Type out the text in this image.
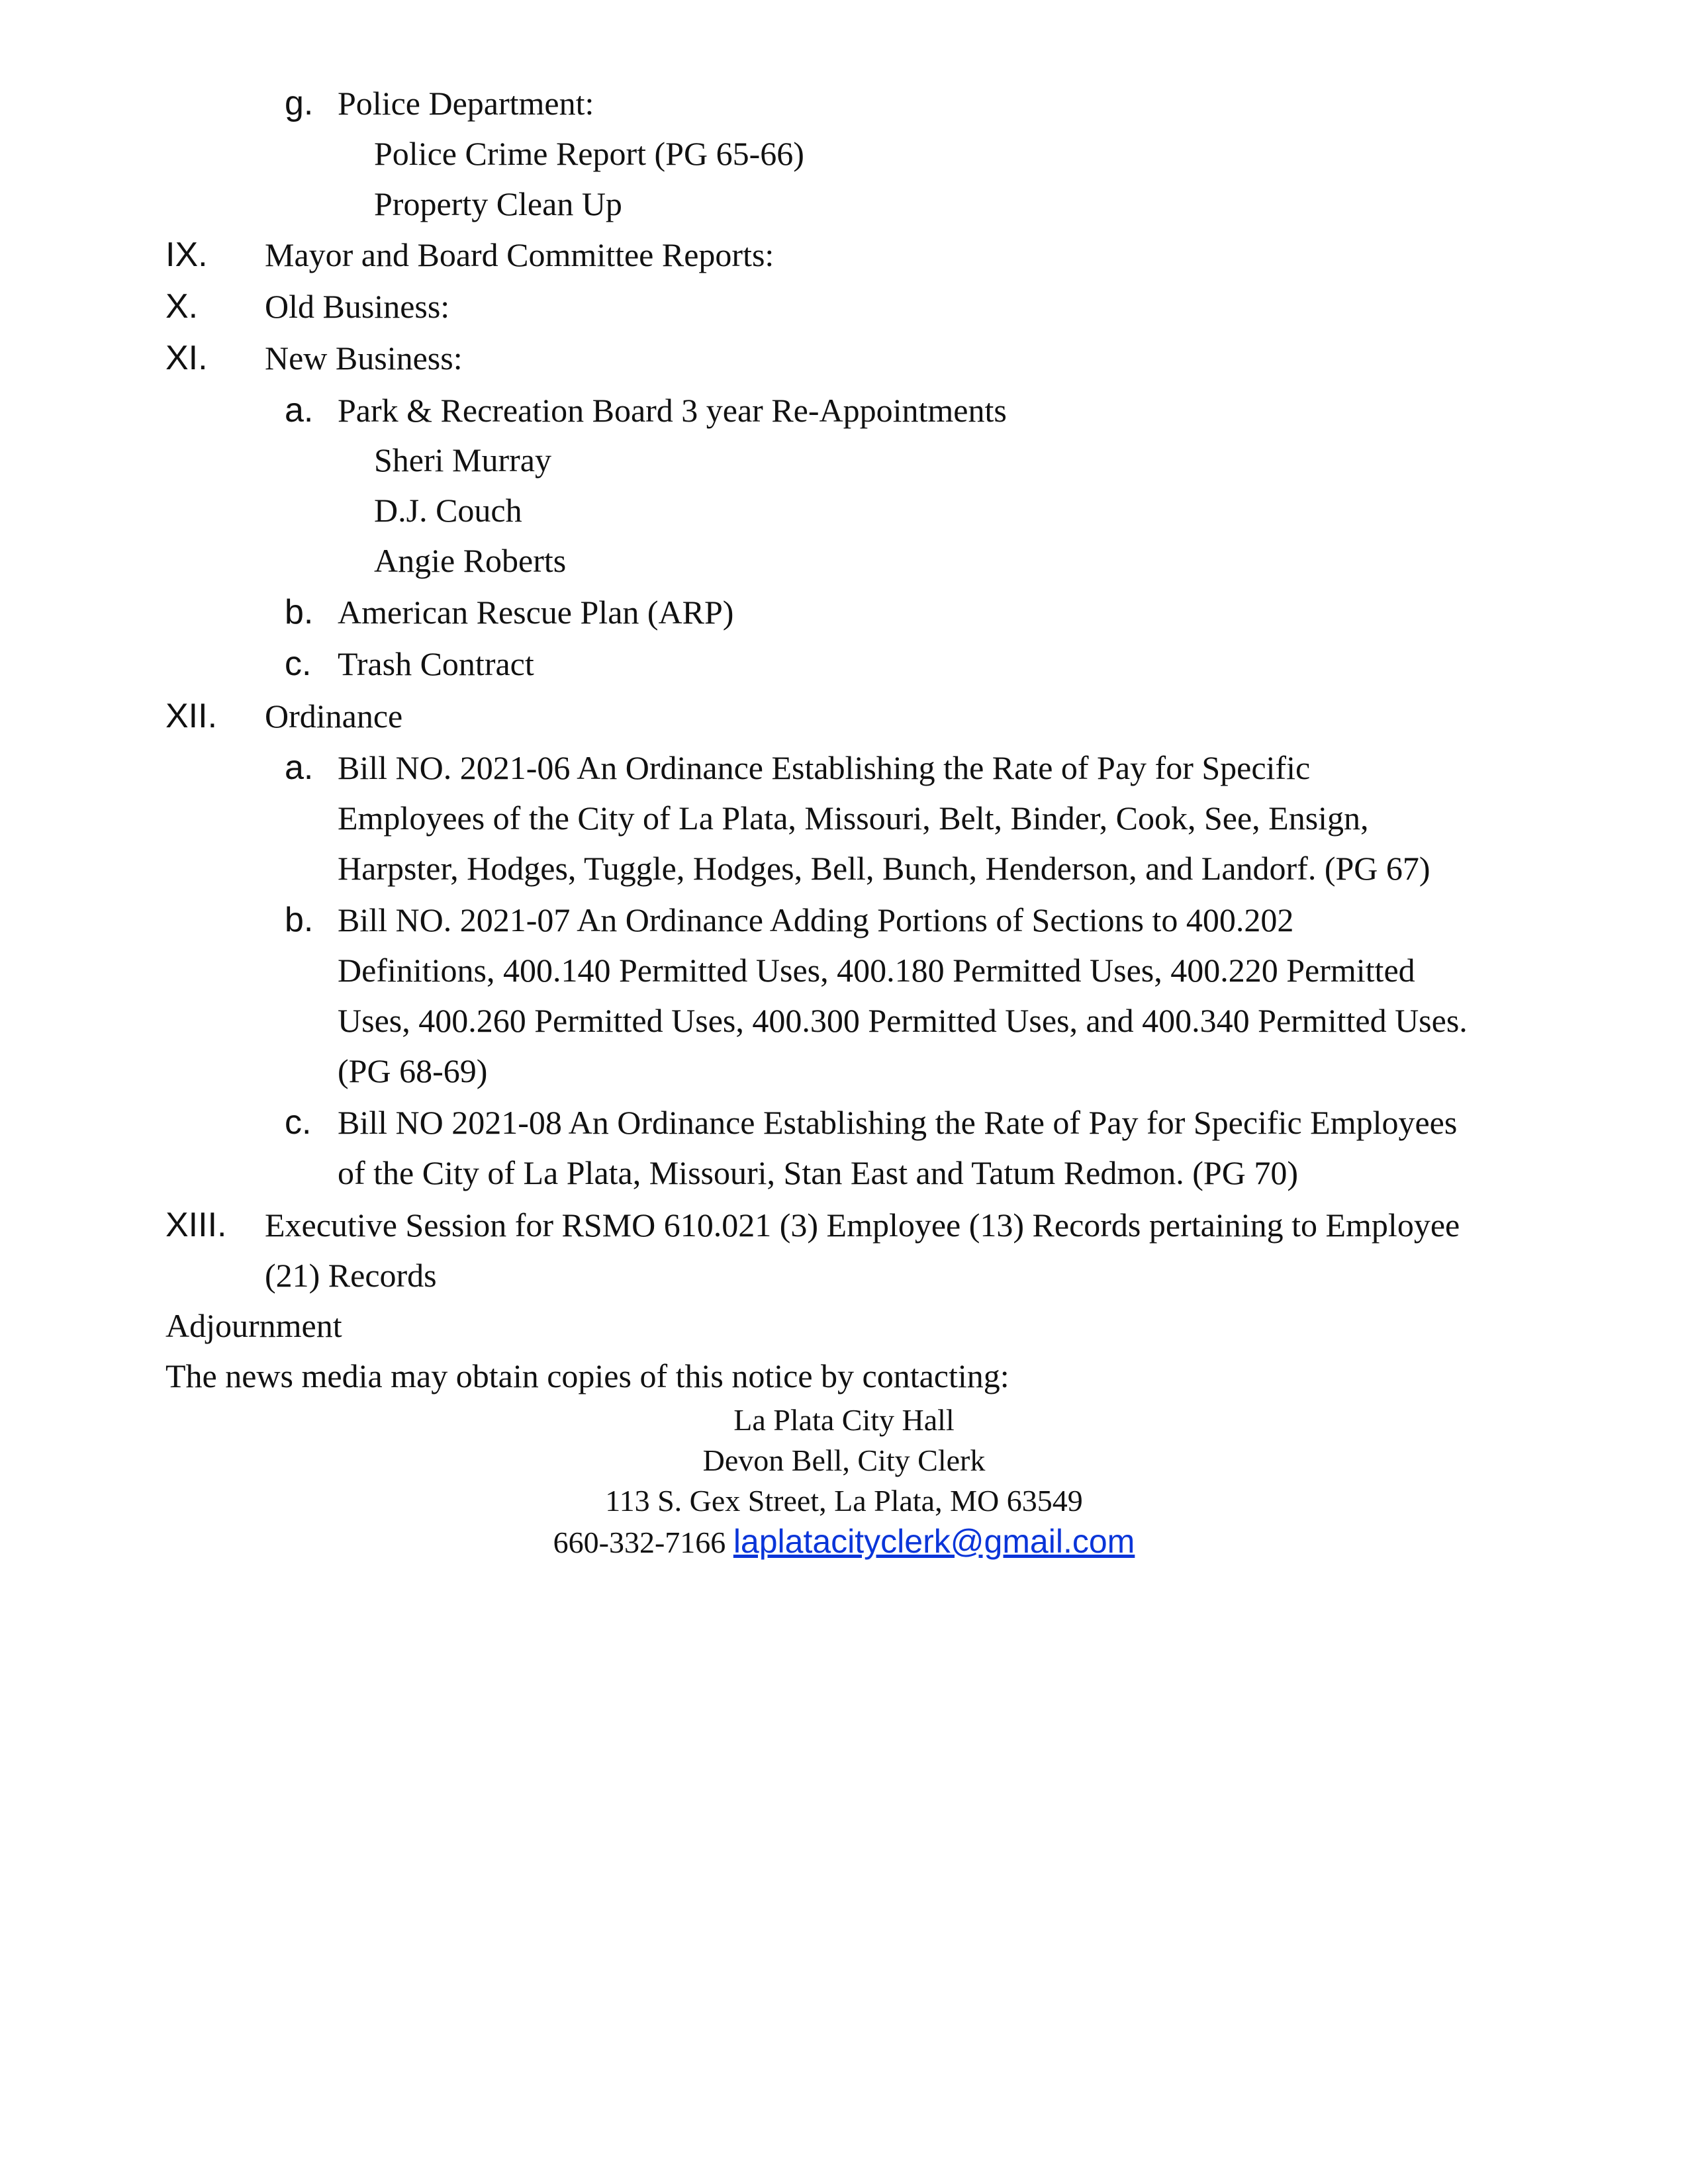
g. Police Department:
Police Crime Report (PG 65-66)
Property Clean Up
IX. Mayor and Board Committee Reports:
X. Old Business:
XI. New Business:
a. Park & Recreation Board 3 year Re-Appointments
Sheri Murray
D.J. Couch
Angie Roberts
b. American Rescue Plan (ARP)
c. Trash Contract
XII. Ordinance
a. Bill NO. 2021-06 An Ordinance Establishing the Rate of Pay for Specific
Employees of the City of La Plata, Missouri, Belt, Binder, Cook, See, Ensign,
Harpster, Hodges, Tuggle, Hodges, Bell, Bunch, Henderson, and Landorf. (PG 67)
b. Bill NO. 2021-07 An Ordinance Adding Portions of Sections to 400.202
Definitions, 400.140 Permitted Uses, 400.180 Permitted Uses, 400.220 Permitted
Uses, 400.260 Permitted Uses, 400.300 Permitted Uses, and 400.340 Permitted Uses.
(PG 68-69)
c. Bill NO 2021-08 An Ordinance Establishing the Rate of Pay for Specific Employees
of the City of La Plata, Missouri, Stan East and Tatum Redmon. (PG 70)
XIII. Executive Session for RSMO 610.021 (3) Employee (13) Records pertaining to Employee
(21) Records
Adjournment
The news media may obtain copies of this notice by contacting:
La Plata City Hall
Devon Bell, City Clerk
113 S. Gex Street, La Plata, MO 63549
660-332-7166 laplatacityclerk@gmail.com
